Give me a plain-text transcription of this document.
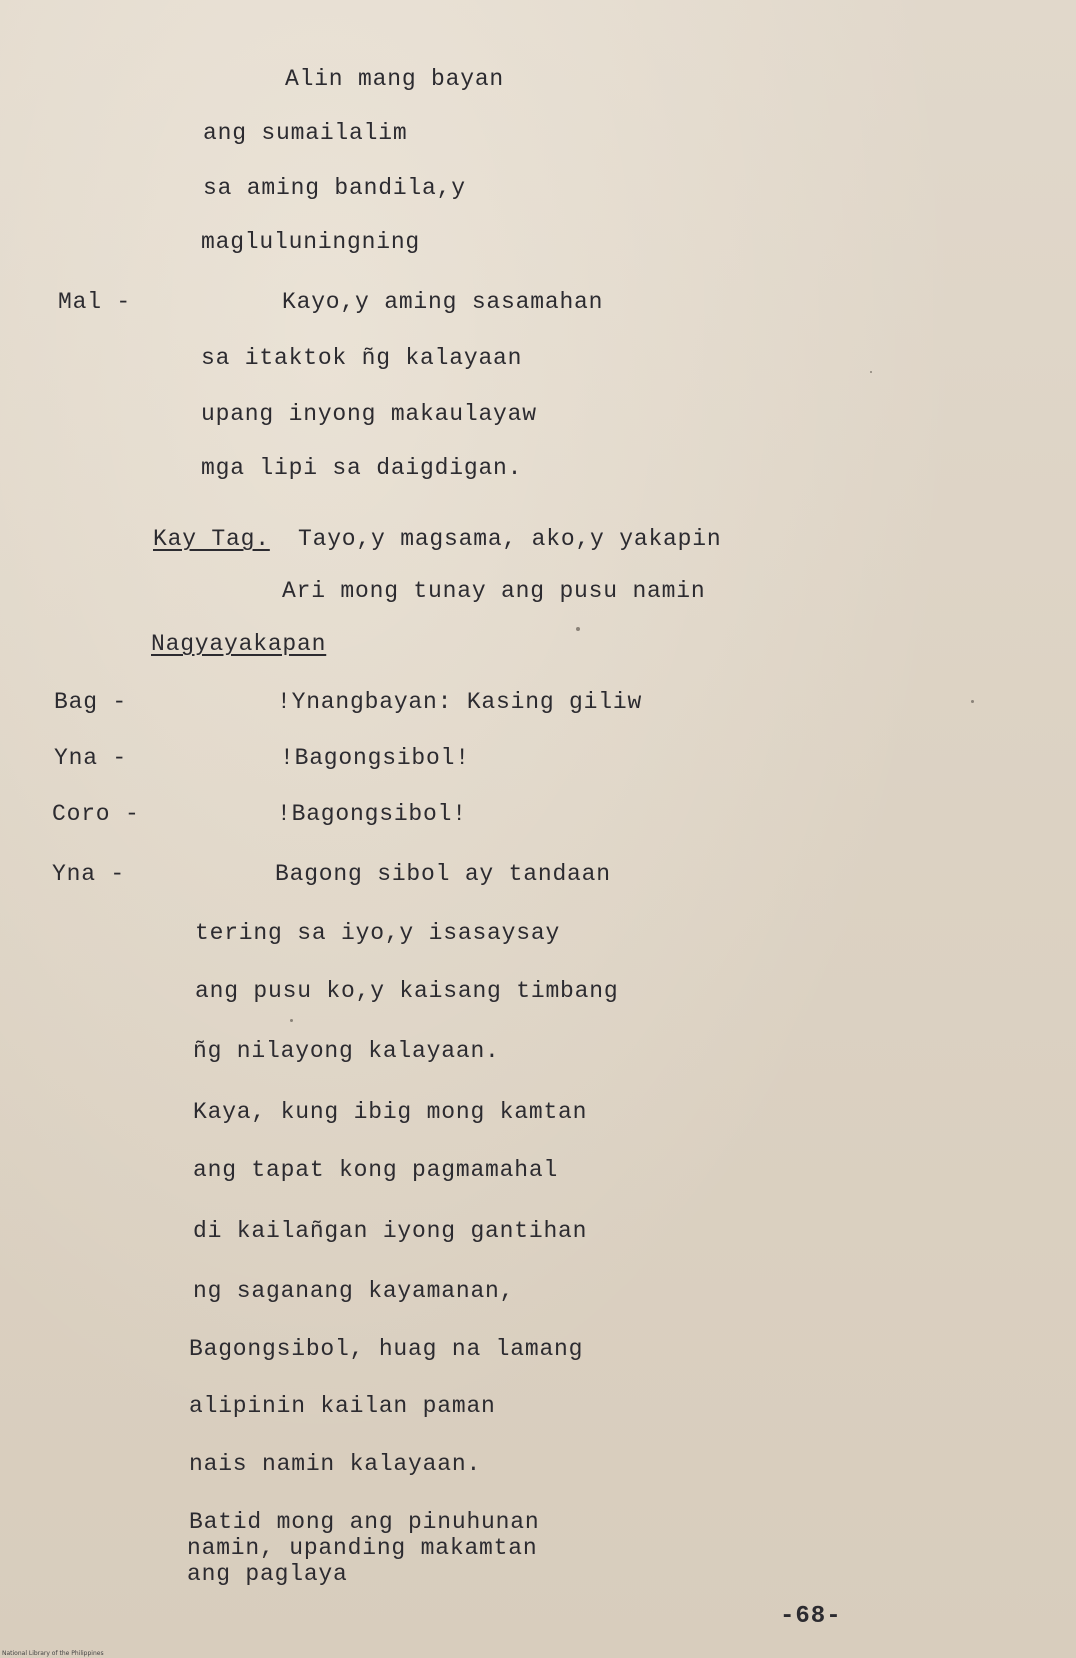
Alin mang bayan
ang sumailalim
sa aming bandila,y
magluluningning
Mal -	Kayo,y aming sasamahan
sa itaktok ñg kalayaan
upang inyong makaulayaw
mga lipi sa daigdigan.
Kay Tag. Tayo,y magsama, ako,y yakapin
Ari mong tunay ang pusu namin
Nagyayakapan
Bag -	!Ynangbayan: Kasing giliw
Yna -	!Bagongsibol!
Coro -	!Bagongsibol!
Yna -	Bagong sibol ay tandaan
tering sa iyo,y isasaysay
ang pusu ko,y kaisang timbang
ñg nilayong kalayaan.
Kaya, kung ibig mong kamtan
ang tapat kong pagmamahal
di kailañgan iyong gantihan
ng saganang kayamanan,
Bagongsibol, huag na lamang
alipinin kailan paman
nais namin kalayaan.
Batid mong ang pinuhunan
namin, upanding makamtan
ang paglaya
-68-
National Library of the Philippines
